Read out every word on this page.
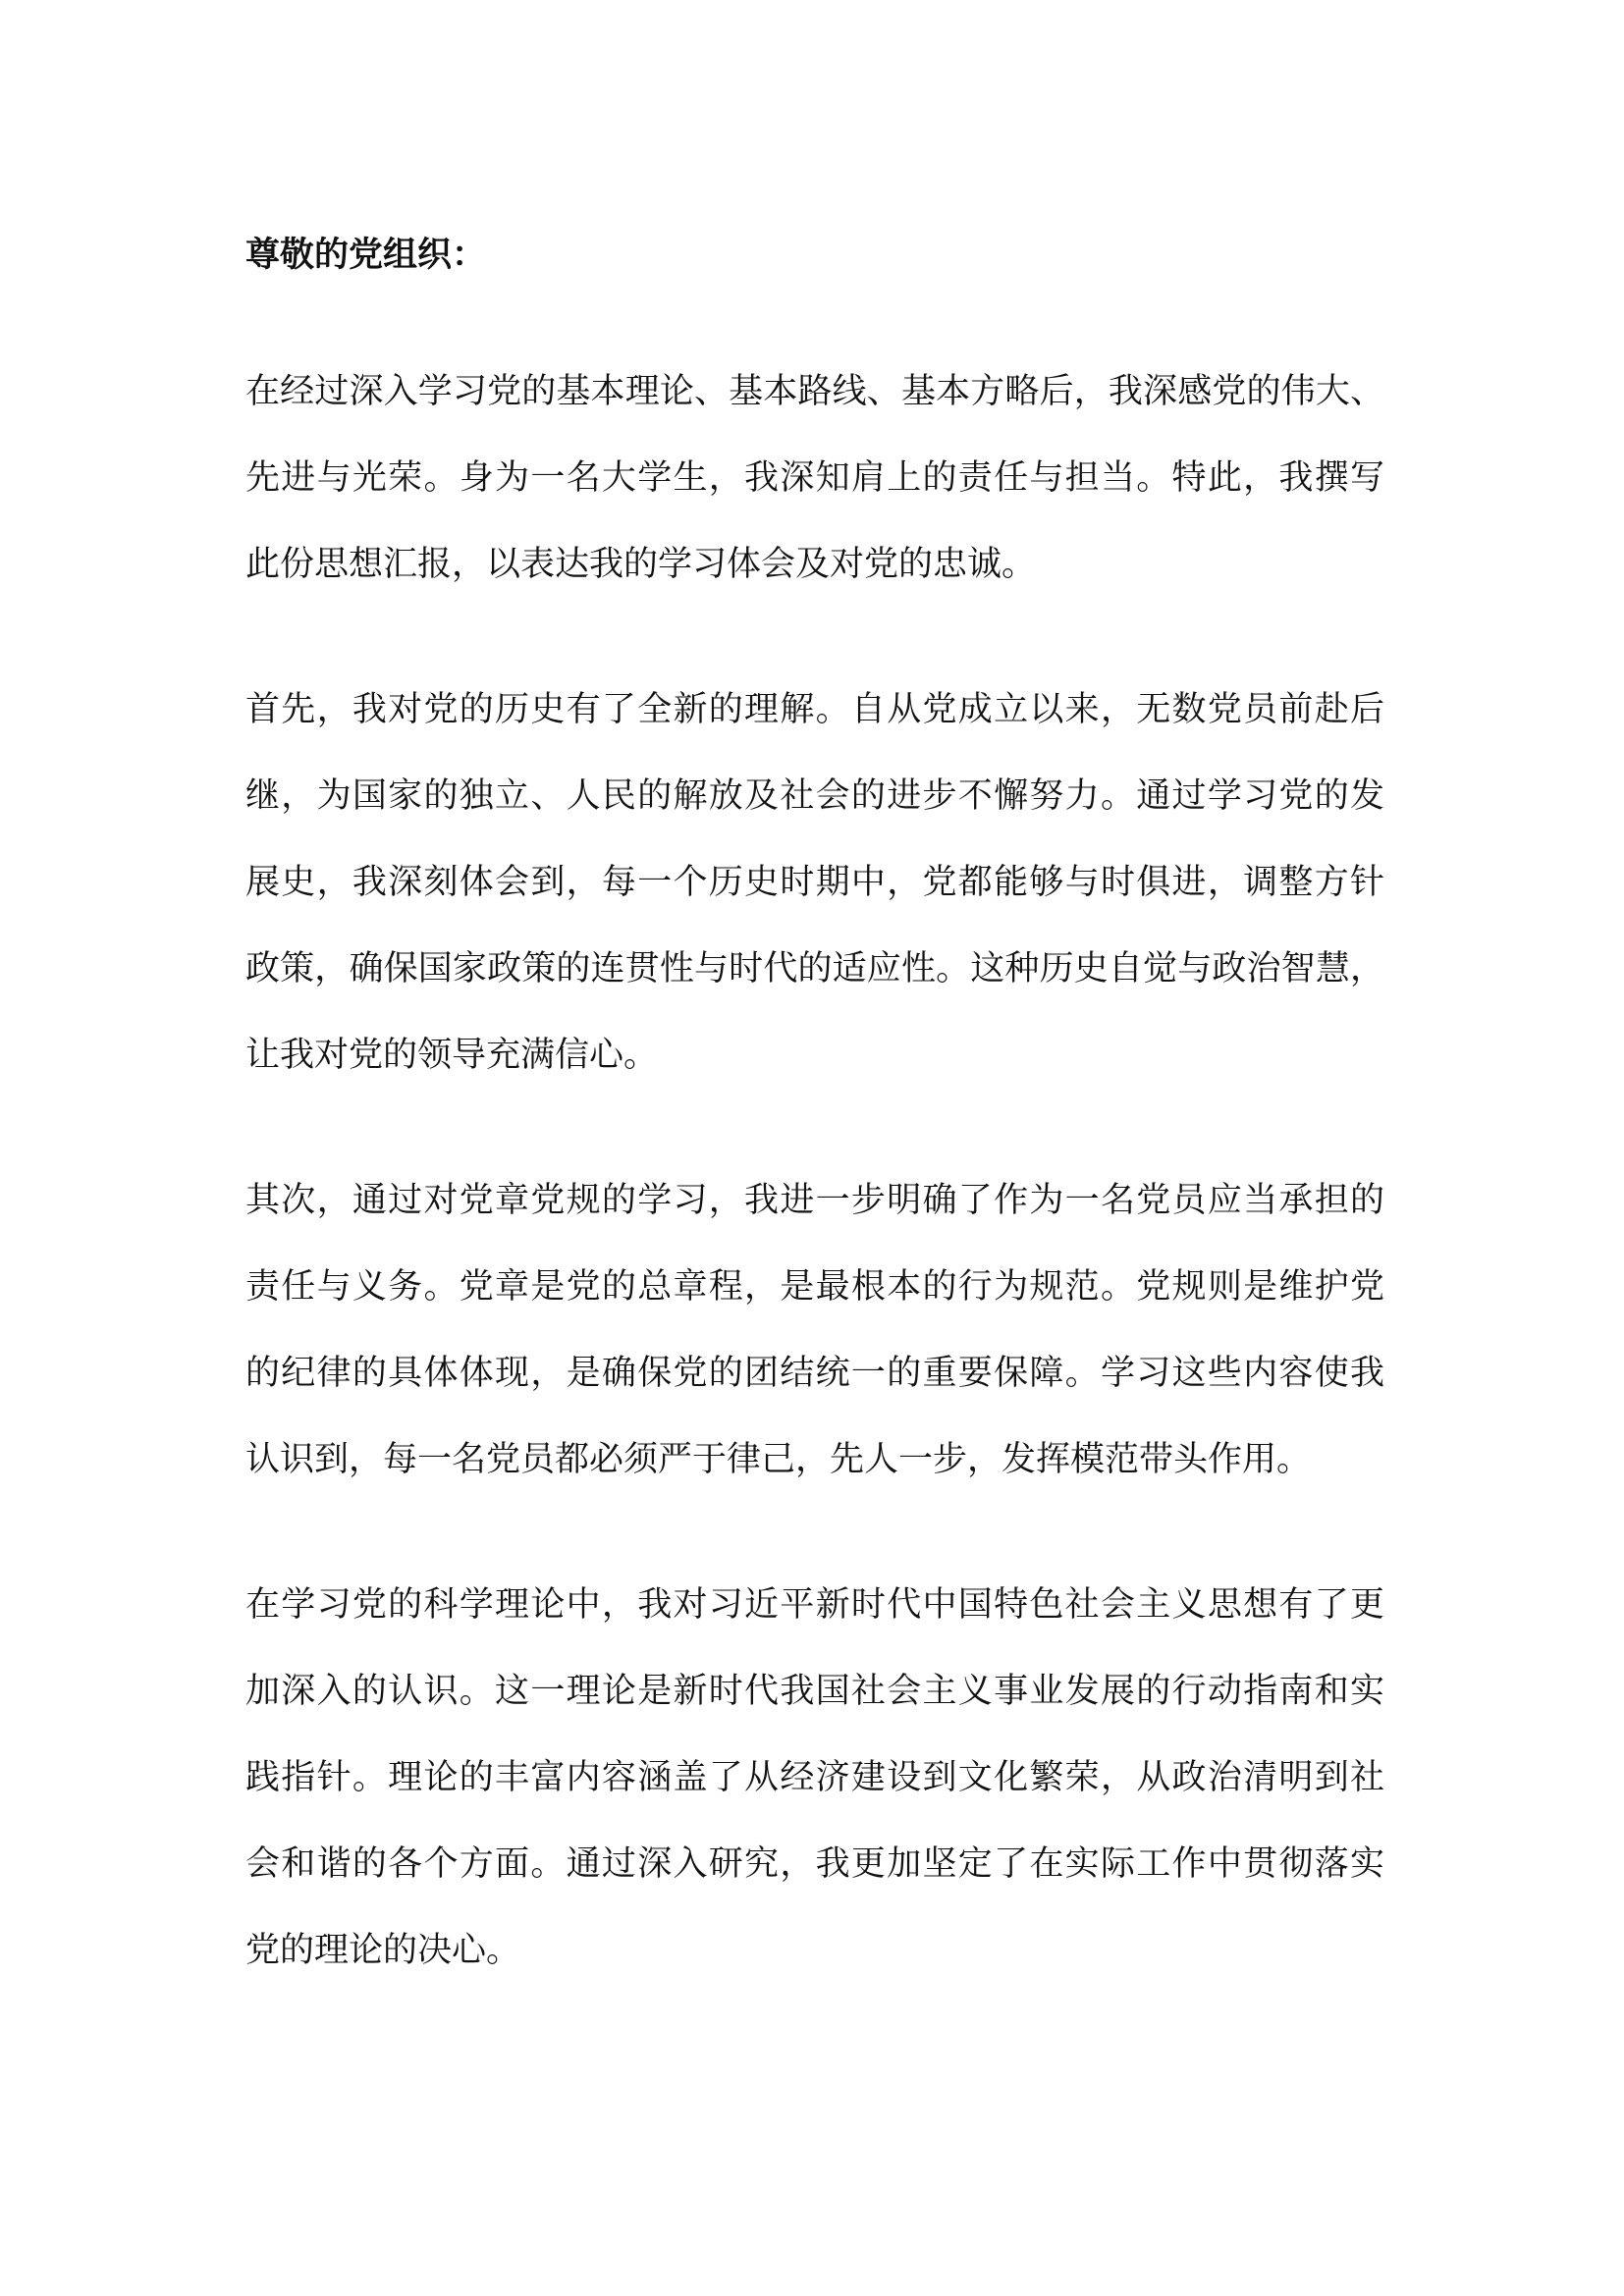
尊敬的党组织：
在经过深入学习党的基本理论、基本路线、基本方略后，我深感党的伟大、
先进与光荣。身为一名大学生，我深知肩上的责任与担当。特此，我撰写
此份思想汇报，以表达我的学习体会及对党的忠诚。
首先，我对党的历史有了全新的理解。自从党成立以来，无数党员前赴后
继，为国家的独立、人民的解放及社会的进步不懈努力。通过学习党的发
展史，我深刻体会到，每一个历史时期中，党都能够与时俱进，调整方针
政策，确保国家政策的连贯性与时代的适应性。这种历史自觉与政治智慧，
让我对党的领导充满信心。
其次，通过对党章党规的学习，我进一步明确了作为一名党员应当承担的
责任与义务。党章是党的总章程，是最根本的行为规范。党规则是维护党
的纪律的具体体现，是确保党的团结统一的重要保障。学习这些内容使我
认识到，每一名党员都必须严于律己，先人一步，发挥模范带头作用。
在学习党的科学理论中，我对习近平新时代中国特色社会主义思想有了更
加深入的认识。这一理论是新时代我国社会主义事业发展的行动指南和实
践指针。理论的丰富内容涵盖了从经济建设到文化繁荣，从政治清明到社
会和谐的各个方面。通过深入研究，我更加坚定了在实际工作中贯彻落实
党的理论的决心。
